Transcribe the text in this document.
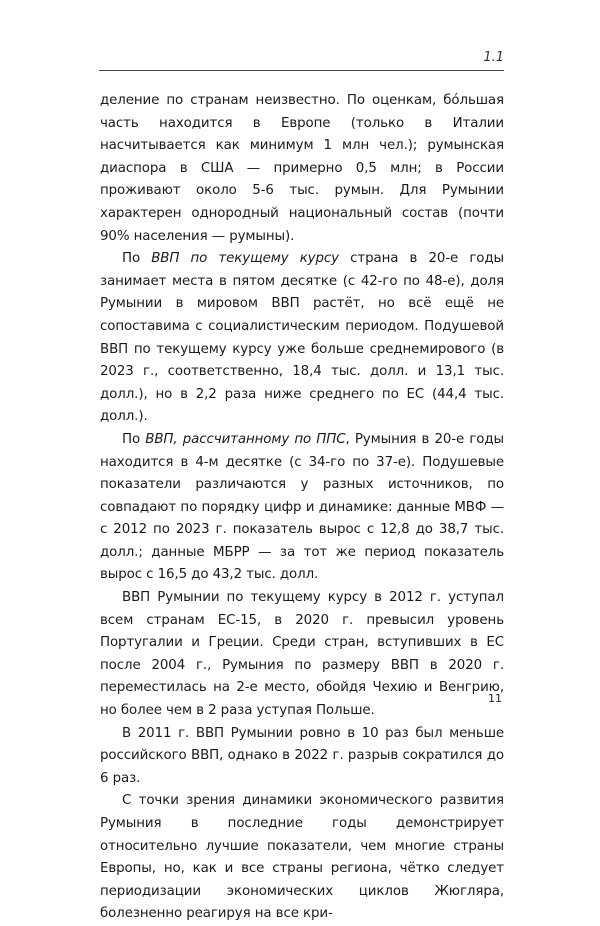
1.1

деление по странам неизвестно. По оценкам, бóльшая часть находится в Европе (только в Италии насчитывается как минимум 1 млн чел.); румынская диаспора в США — примерно 0,5 млн; в России проживают около 5-6 тыс. румын. Для Румынии характерен однородный национальный состав (почти 90% населения — румыны).

По ВВП по текущему курсу страна в 20-е годы занимает места в пятом десятке (с 42-го по 48-е), доля Румынии в мировом ВВП растёт, но всё ещё не сопоставима с социалистическим периодом. Подушевой ВВП по текущему курсу уже больше среднемирового (в 2023 г., соответственно, 18,4 тыс. долл. и 13,1 тыс. долл.), но в 2,2 раза ниже среднего по ЕС (44,4 тыс. долл.).

По ВВП, рассчитанному по ППС, Румыния в 20-е годы находится в 4-м десятке (с 34-го по 37-е). Подушевые показатели различаются у разных источников, по совпадают по порядку цифр и динамике: данные МВФ — с 2012 по 2023 г. показатель вырос с 12,8 до 38,7 тыс. долл.; данные МБРР — за тот же период показатель вырос с 16,5 до 43,2 тыс. долл.

ВВП Румынии по текущему курсу в 2012 г. уступал всем странам ЕС-15, в 2020 г. превысил уровень Португалии и Греции. Среди стран, вступивших в ЕС после 2004 г., Румыния по размеру ВВП в 2020 г. переместилась на 2-е место, обойдя Чехию и Венгрию, но более чем в 2 раза уступая Польше.

В 2011 г. ВВП Румынии ровно в 10 раз был меньше российского ВВП, однако в 2022 г. разрыв сократился до 6 раз.

С точки зрения динамики экономического развития Румыния в последние годы демонстрирует относительно лучшие показатели, чем многие страны Европы, но, как и все страны региона, чётко следует периодизации экономических циклов Жюгляра, болезненно реагируя на все кри-

11
